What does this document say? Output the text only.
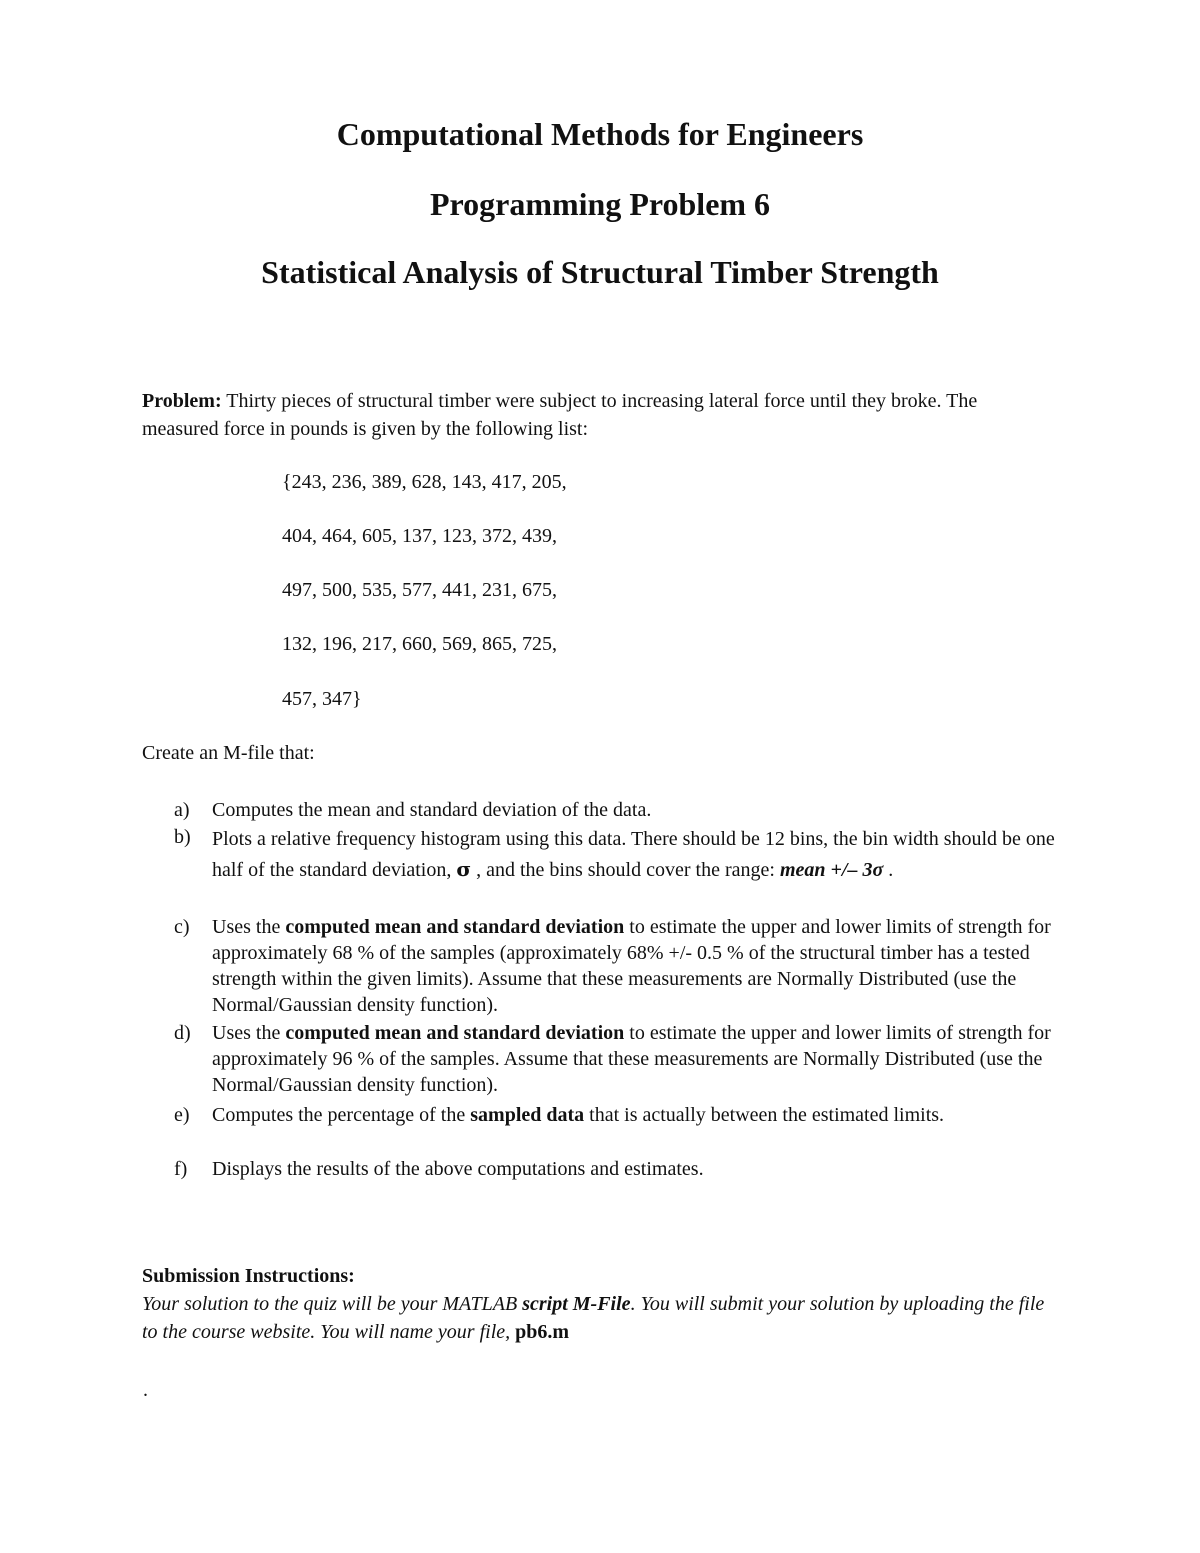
Computational Methods for Engineers
Programming Problem 6
Statistical Analysis of Structural Timber Strength

Problem: Thirty pieces of structural timber were subject to increasing lateral force until they broke. The measured force in pounds is given by the following list:

{243, 236, 389, 628, 143, 417, 205,

404, 464, 605, 137, 123, 372, 439,

497, 500, 535, 577, 441, 231, 675,

132, 196, 217, 660, 569, 865, 725,

457, 347}

Create an M-file that:

a) Computes the mean and standard deviation of the data.
b) Plots a relative frequency histogram using this data. There should be 12 bins, the bin width should be one half of the standard deviation, σ , and the bins should cover the range: mean +/– 3σ .
c) Uses the computed mean and standard deviation to estimate the upper and lower limits of strength for approximately 68 % of the samples (approximately 68% +/- 0.5 % of the structural timber has a tested strength within the given limits). Assume that these measurements are Normally Distributed (use the Normal/Gaussian density function).
d) Uses the computed mean and standard deviation to estimate the upper and lower limits of strength for approximately 96 % of the samples. Assume that these measurements are Normally Distributed (use the Normal/Gaussian density function).
e) Computes the percentage of the sampled data that is actually between the estimated limits.
f) Displays the results of the above computations and estimates.

Submission Instructions:

Your solution to the quiz will be your MATLAB script M-File. You will submit your solution by uploading the file to the course website. You will name your file, pb6.m

.
